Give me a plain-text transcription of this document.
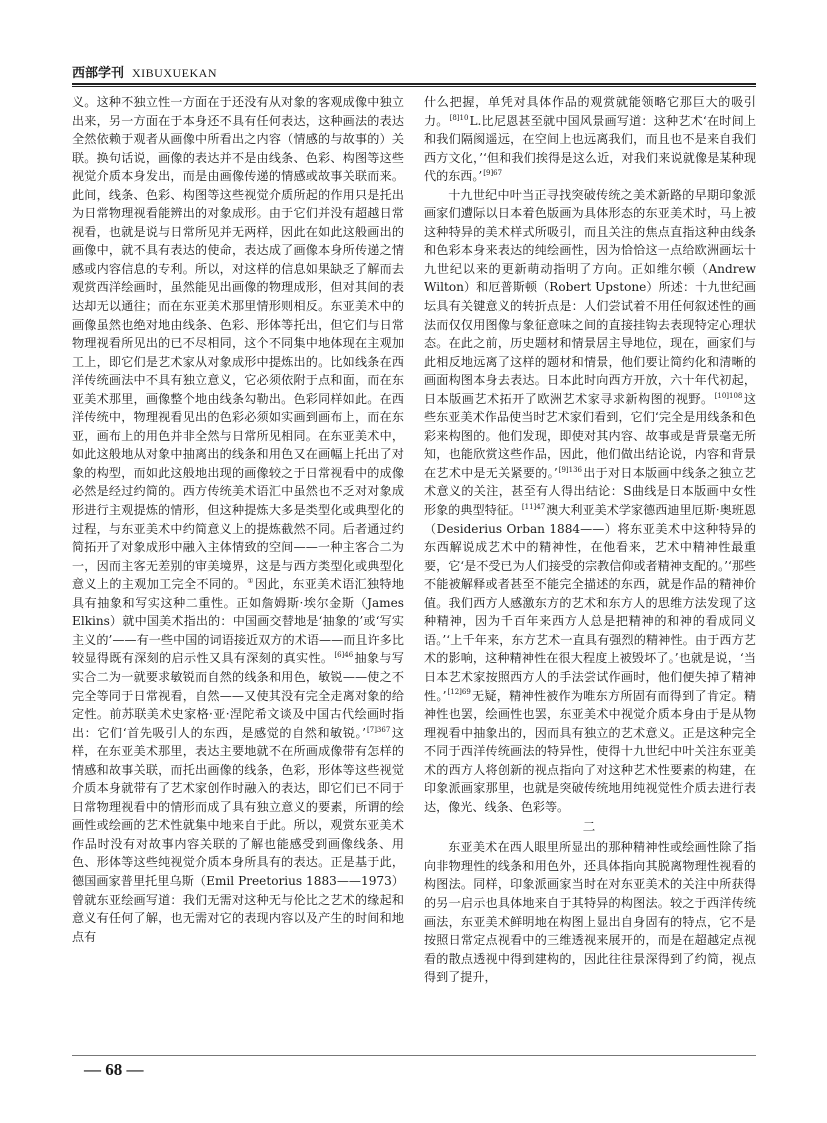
西部学刊 XIBUXUEKAN

义。这种不独立性一方面在于还没有从对象的客观成像中独立出来，另一方面在于本身还不具有任何表达，这种画法的表达全然依赖于观者从画像中所看出之内容（情感的与故事的）关联。换句话说，画像的表达并不是由线条、色彩、构图等这些视觉介质本身发出，而是由画像传递的情感或故事关联而来。此间，线条、色彩、构图等这些视觉介质所起的作用只是托出为日常物理视看能辨出的对象成形。由于它们并没有超越日常视看，也就是说与日常所见并无两样，因此在如此这般画出的画像中，就不具有表达的使命，表达成了画像本身所传递之情感或内容信息的专利。所以，对这样的信息如果缺乏了解而去观赏西洋绘画时，虽然能见出画像的物理成形，但对其间的表达却无以通往；而在东亚美术那里情形则相反。东亚美术中的画像虽然也绝对地由线条、色彩、形体等托出，但它们与日常物理视看所见出的已不尽相同，这个不同集中地体现在主观加工上，即它们是艺术家从对象成形中提炼出的。比如线条在西洋传统画法中不具有独立意义，它必须依附于点和面，而在东亚美术那里，画像整个地由线条勾勒出。色彩同样如此。在西洋传统中，物理视看见出的色彩必须如实画到画布上，而在东亚，画布上的用色并非全然与日常所见相同。在东亚美术中，如此这般地从对象中抽离出的线条和用色又在画幅上托出了对象的构型，而如此这般地出现的画像较之于日常视看中的成像必然是经过约简的。西方传统美术语汇中虽然也不乏对对象成形进行主观提炼的情形，但这种提炼大多是类型化或典型化的过程，与东亚美术中约简意义上的提炼截然不同。后者通过约简拓开了对象成形中融入主体情致的空间——一种主客合二为一，因而主客无差别的审美境界，这是与西方类型化或典型化意义上的主观加工完全不同的。①因此，东亚美术语汇独特地具有抽象和写实这种二重性。正如詹姆斯·埃尔金斯（James Elkins）就中国美术指出的：中国画交替地是‘抽象的’或‘写实主义的’——有一些中国的词语接近双方的术语——而且许多比较显得既有深刻的启示性又具有深刻的真实性。$^{[6]46}$抽象与写实合二为一就要求敏锐而自然的线条和用色，敏锐——使之不完全等同于日常视看，自然——又使其没有完全走离对象的给定性。前苏联美术史家格·亚·涅陀希文谈及中国古代绘画时指出：它们‘首先吸引人的东西，是感觉的自然和敏锐。’$^{[7]367}$这样，在东亚美术那里，表达主要地就不在所画成像带有怎样的情感和故事关联，而托出画像的线条，色彩，形体等这些视觉介质本身就带有了艺术家创作时融入的表达，即它们已不同于日常物理视看中的情形而成了具有独立意义的要素，所谓的绘画性或绘画的艺术性就集中地来自于此。所以，观赏东亚美术作品时没有对故事内容关联的了解也能感受到画像线条、用色、形体等这些纯视觉介质本身所具有的表达。正是基于此，德国画家普里托里乌斯（Emil Preetorius 1883——1973）曾就东亚绘画写道：我们无需对这种无与伦比之艺术的缘起和意义有任何了解，也无需对它的表现内容以及产生的时间和地点有

什么把握，单凭对具体作品的观赏就能领略它那巨大的吸引力。$^{[8]10}$L.比尼恩甚至就中国风景画写道：这种艺术‘在时间上和我们隔阂遥远，在空间上也远离我们，而且也不是来自我们西方文化，’‘但和我们挨得是这么近，对我们来说就像是某种现代的东西。’$^{[9]67}$

十九世纪中叶当正寻找突破传统之美术新路的早期印象派画家们遭际以日本着色版画为具体形态的东亚美术时，马上被这种特异的美术样式所吸引，而且关注的焦点直指这种由线条和色彩本身来表达的纯绘画性，因为恰恰这一点给欧洲画坛十九世纪以来的更新萌动指明了方向。正如维尔顿（Andrew Wilton）和厄普斯顿（Robert Upstone）所述：十九世纪画坛具有关键意义的转折点是：人们尝试着不用任何叙述性的画法而仅仅用图像与象征意味之间的直接挂钩去表现特定心理状态。在此之前，历史题材和情景居主导地位，现在，画家们与此相反地远离了这样的题材和情景，他们要让简约化和清晰的画面构图本身去表达。日本此时向西方开放，六十年代初起，日本版画艺术拓开了欧洲艺术家寻求新构图的视野。$^{[10]108}$这些东亚美术作品使当时艺术家们看到，它们‘完全是用线条和色彩来构图的。他们发现，即使对其内容、故事或是背景毫无所知，也能欣赏这些作品，因此，他们做出结论说，内容和背景在艺术中是无关紧要的。’$^{[9]136}$出于对日本版画中线条之独立艺术意义的关注，甚至有人得出结论：S曲线是日本版画中女性形象的典型特征。$^{[11]47}$澳大利亚美术学家德西迪里厄斯·奥班恩（Desiderius Orban 1884——）将东亚美术中这种特异的东西解说成艺术中的精神性，在他看来，艺术中精神性最重要，它‘是不受已为人们接受的宗教信仰或者精神支配的。’‘那些不能被解释或者甚至不能完全描述的东西，就是作品的精神价值。我们西方人感激东方的艺术和东方人的思维方法发现了这种精神，因为千百年来西方人总是把精神的和神的看成同义语。’‘上千年来，东方艺术一直具有强烈的精神性。由于西方艺术的影响，这种精神性在很大程度上被毁坏了。’也就是说，‘当日本艺术家按照西方人的手法尝试作画时，他们便失掉了精神性。’$^{[12]69}$无疑，精神性被作为唯东方所固有而得到了肯定。精神性也罢，绘画性也罢，东亚美术中视觉介质本身由于是从物理视看中抽象出的，因而具有独立的艺术意义。正是这种完全不同于西洋传统画法的特异性，使得十九世纪中叶关注东亚美术的西方人将创新的视点指向了对这种艺术性要素的构建，在印象派画家那里，也就是突破传统地用纯视觉性介质去进行表达，像光、线条、色彩等。

二

东亚美术在西人眼里所显出的那种精神性或绘画性除了指向非物理性的线条和用色外，还具体指向其脱离物理性视看的构图法。同样，印象派画家当时在对东亚美术的关注中所获得的另一启示也具体地来自于其特异的构图法。较之于西洋传统画法，东亚美术鲜明地在构图上显出自身固有的特点，它不是按照日常定点视看中的三维透视来展开的，而是在超越定点视看的散点透视中得到建构的，因此往往景深得到了约简，视点得到了提升，

— 68 —
